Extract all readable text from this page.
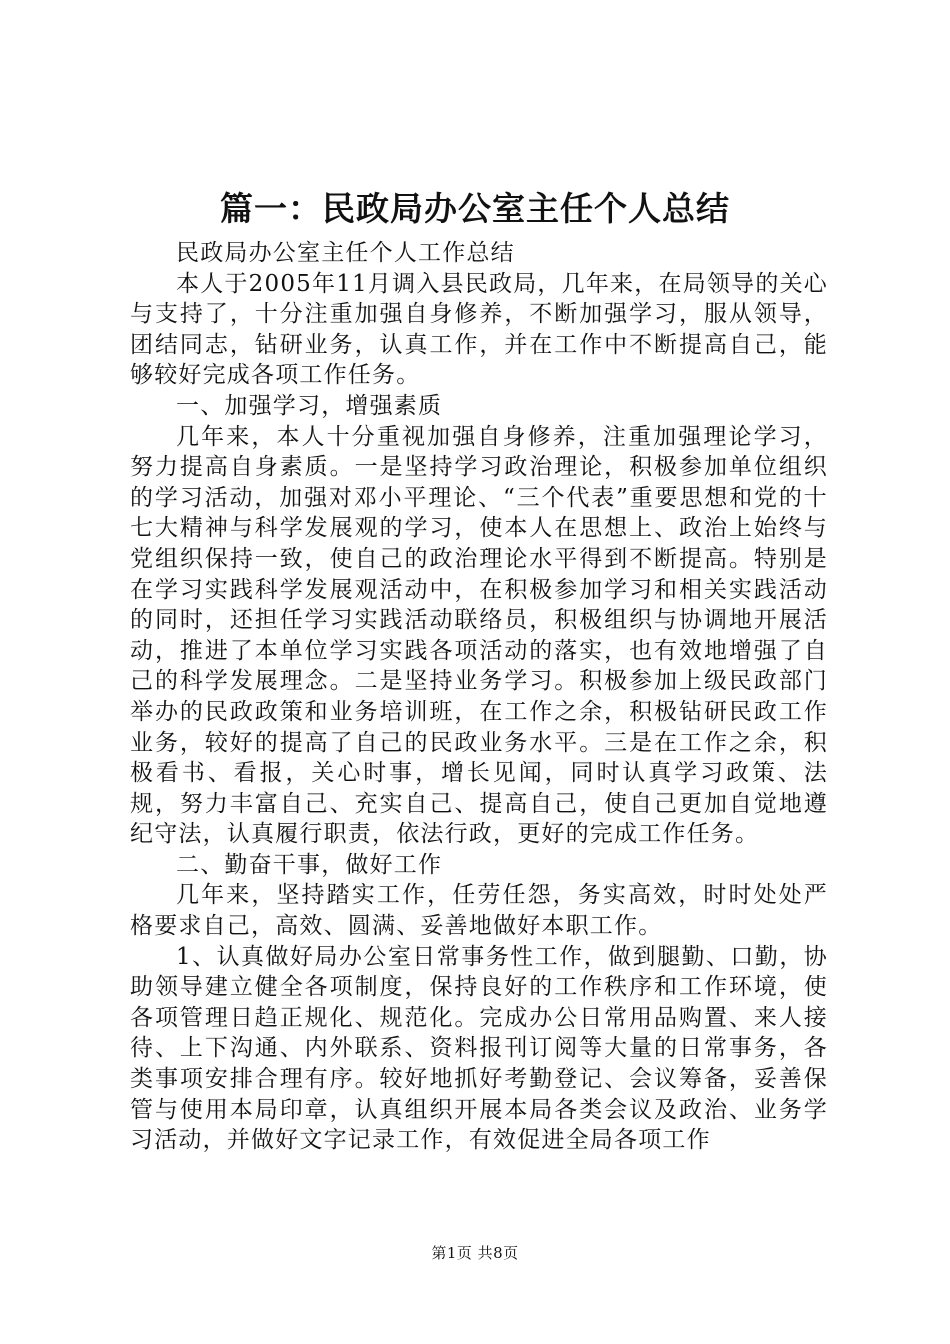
篇一：民政局办公室主任个人总结

民政局办公室主任个人工作总结

本人于2005年11月调入县民政局，几年来，在局领导的关心与支持了，十分注重加强自身修养，不断加强学习，服从领导，团结同志，钻研业务，认真工作，并在工作中不断提高自己，能够较好完成各项工作任务。

一、加强学习，增强素质

几年来，本人十分重视加强自身修养，注重加强理论学习，努力提高自身素质。一是坚持学习政治理论，积极参加单位组织的学习活动，加强对邓小平理论、“三个代表”重要思想和党的十七大精神与科学发展观的学习，使本人在思想上、政治上始终与党组织保持一致，使自己的政治理论水平得到不断提高。特别是在学习实践科学发展观活动中，在积极参加学习和相关实践活动的同时，还担任学习实践活动联络员，积极组织与协调地开展活动，推进了本单位学习实践各项活动的落实，也有效地增强了自己的科学发展理念。二是坚持业务学习。积极参加上级民政部门举办的民政政策和业务培训班，在工作之余，积极钻研民政工作业务，较好的提高了自己的民政业务水平。三是在工作之余，积极看书、看报，关心时事，增长见闻，同时认真学习政策、法规，努力丰富自己、充实自己、提高自己，使自己更加自觉地遵纪守法，认真履行职责，依法行政，更好的完成工作任务。

二、勤奋干事，做好工作

几年来，坚持踏实工作，任劳任怨，务实高效，时时处处严格要求自己，高效、圆满、妥善地做好本职工作。

1、认真做好局办公室日常事务性工作，做到腿勤、口勤，协助领导建立健全各项制度，保持良好的工作秩序和工作环境，使各项管理日趋正规化、规范化。完成办公日常用品购置、来人接待、上下沟通、内外联系、资料报刊订阅等大量的日常事务，各类事项安排合理有序。较好地抓好考勤登记、会议筹备，妥善保管与使用本局印章，认真组织开展本局各类会议及政治、业务学习活动，并做好文字记录工作，有效促进全局各项工作

第1页 共8页
